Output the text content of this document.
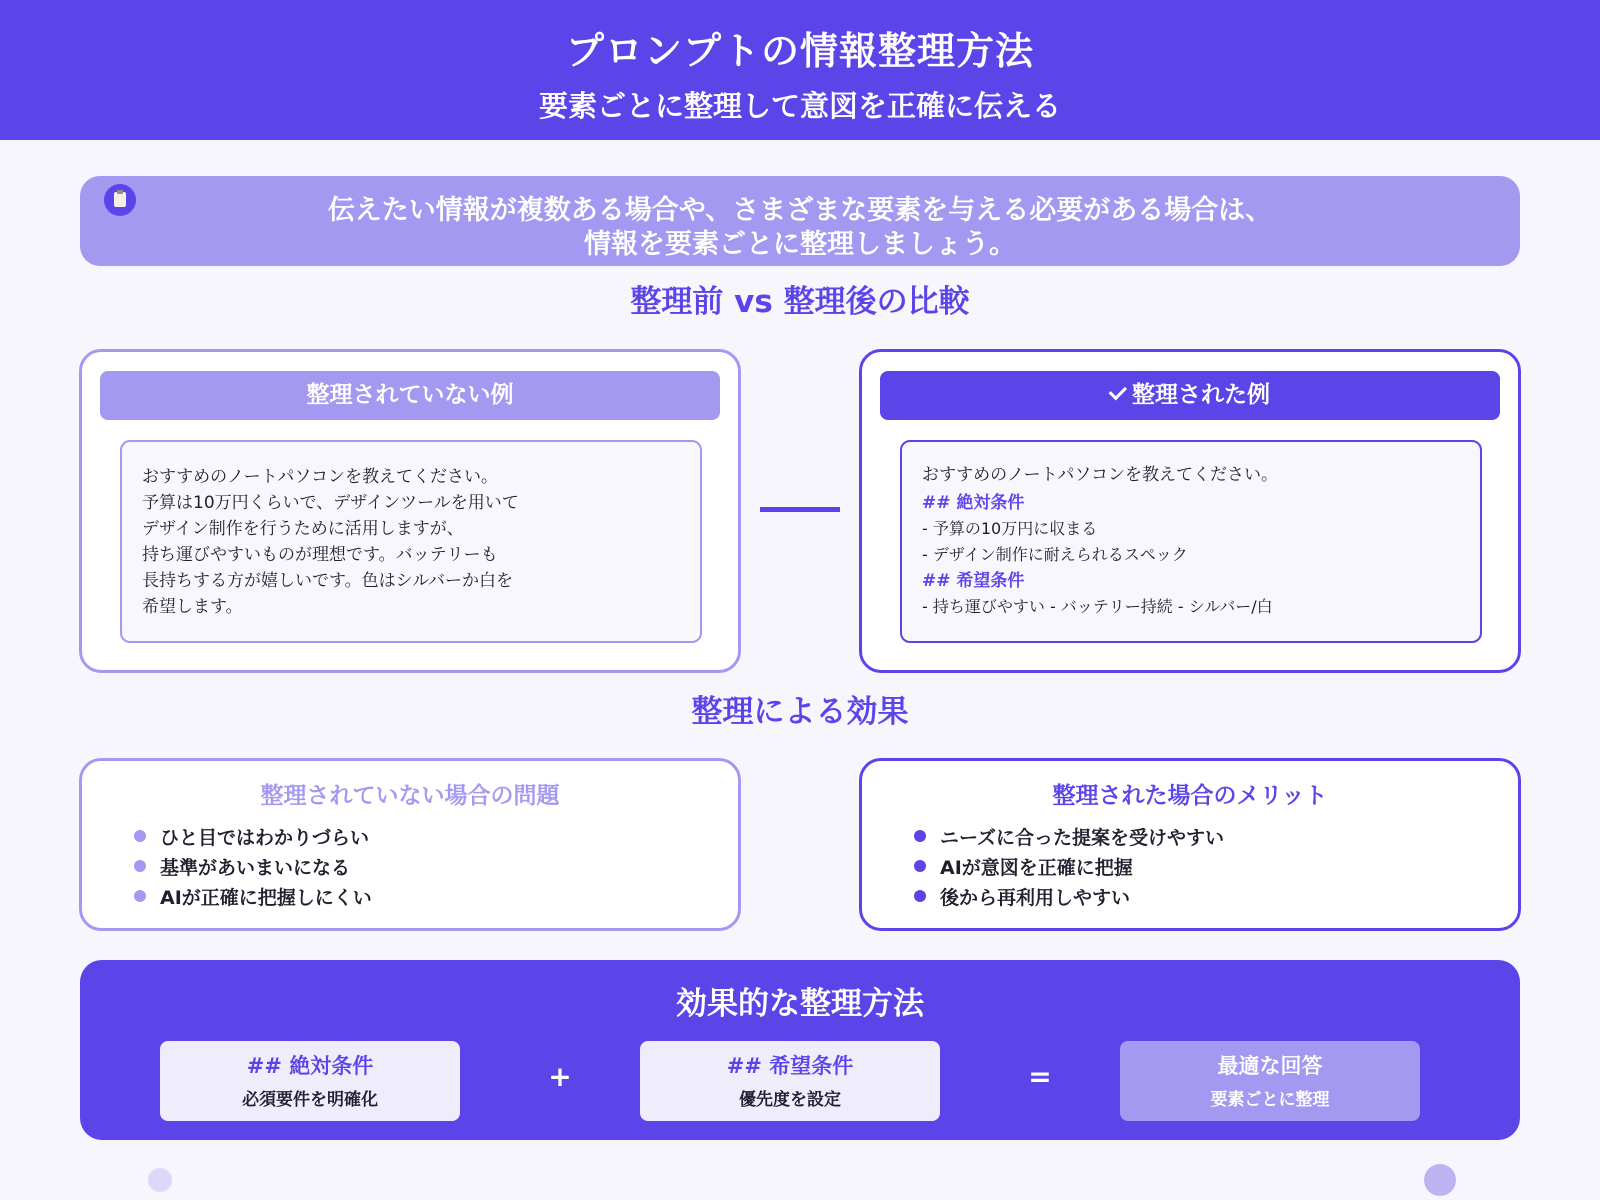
プロンプトの情報整理方法
要素ごとに整理して意図を正確に伝える
伝えたい情報が複数ある場合や、さまざまな要素を与える必要がある場合は、
情報を要素ごとに整理しましょう。
整理前 vs 整理後の比較
整理されていない例
おすすめのノートパソコンを教えてください。
予算は10万円くらいで、デザインツールを用いて
デザイン制作を行うために活用しますが、
持ち運びやすいものが理想です。バッテリーも
長持ちする方が嬉しいです。色はシルバーか白を
希望します。
整理された例
おすすめのノートパソコンを教えてください。
## 絶対条件
- 予算の10万円に収まる
- デザイン制作に耐えられるスペック
## 希望条件
- 持ち運びやすい - バッテリー持続 - シルバー/白
整理による効果
整理されていない場合の問題
ひと目ではわかりづらい
基準があいまいになる
AIが正確に把握しにくい
整理された場合のメリット
ニーズに合った提案を受けやすい
AIが意図を正確に把握
後から再利用しやすい
効果的な整理方法
## 絶対条件
必須要件を明確化
+	## 希望条件
優先度を設定
=	最適な回答
要素ごとに整理
